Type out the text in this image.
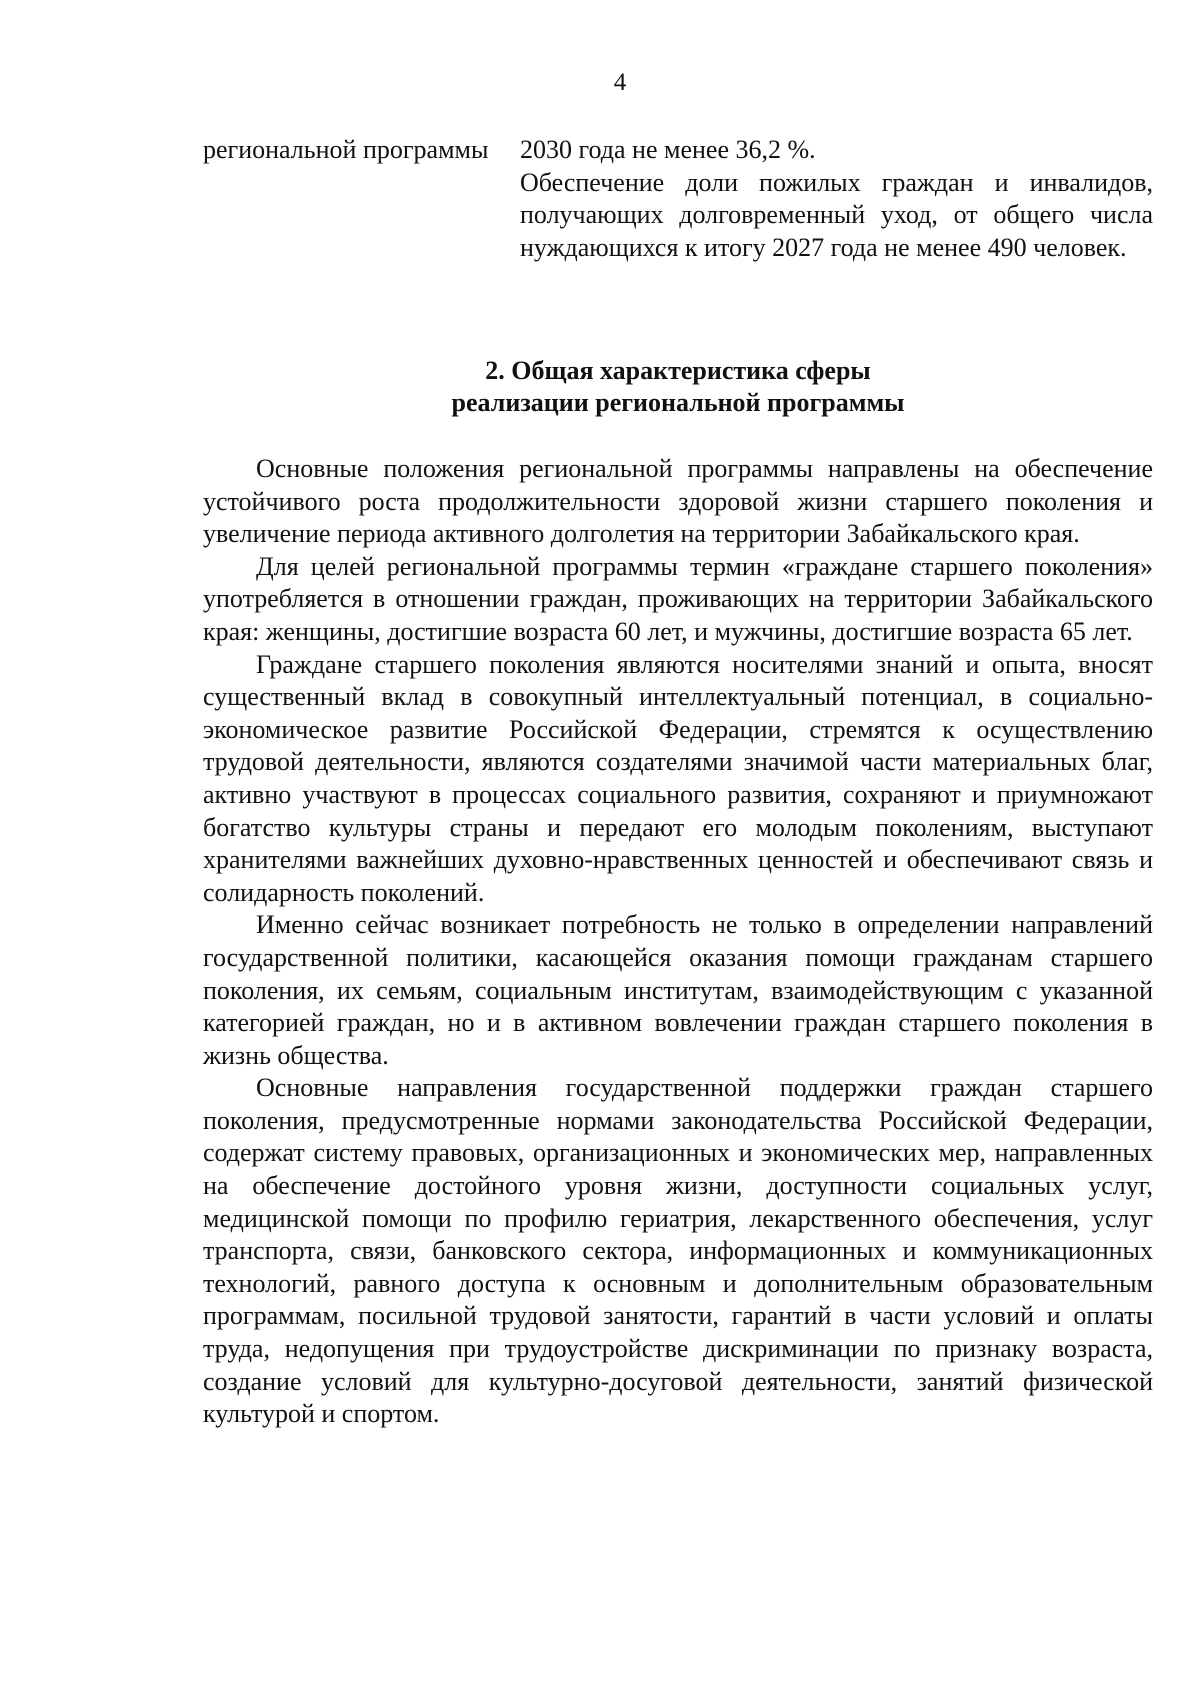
4
региональной программы	2030 года не менее 36,2 %.
Обеспечение доли пожилых граждан и инвалидов, получающих долговременный уход, от общего числа нуждающихся к итогу 2027 года не менее 490 человек.
2. Общая характеристика сферы
реализации региональной программы

Основные положения региональной программы направлены на обеспечение устойчивого роста продолжительности здоровой жизни старшего поколения и увеличение периода активного долголетия на территории Забайкальского края.

Для целей региональной программы термин «граждане старшего поколения» употребляется в отношении граждан, проживающих на территории Забайкальского края: женщины, достигшие возраста 60 лет, и мужчины, достигшие возраста 65 лет.

Граждане старшего поколения являются носителями знаний и опыта, вносят существенный вклад в совокупный интеллектуальный потенциал, в социально-экономическое развитие Российской Федерации, стремятся к осуществлению трудовой деятельности, являются создателями значимой части материальных благ, активно участвуют в процессах социального развития, сохраняют и приумножают богатство культуры страны и передают его молодым поколениям, выступают хранителями важнейших духовно-нравственных ценностей и обеспечивают связь и солидарность поколений.

Именно сейчас возникает потребность не только в определении направлений государственной политики, касающейся оказания помощи гражданам старшего поколения, их семьям, социальным институтам, взаимодействующим с указанной категорией граждан, но и в активном вовлечении граждан старшего поколения в жизнь общества.

Основные направления государственной поддержки граждан старшего поколения, предусмотренные нормами законодательства Российской Федерации, содержат систему правовых, организационных и экономических мер, направленных на обеспечение достойного уровня жизни, доступности социальных услуг, медицинской помощи по профилю гериатрия, лекарственного обеспечения, услуг транспорта, связи, банковского сектора, информационных и коммуникационных технологий, равного доступа к основным и дополнительным образовательным программам, посильной трудовой занятости, гарантий в части условий и оплаты труда, недопущения при трудоустройстве дискриминации по признаку возраста, создание условий для культурно-досуговой деятельности, занятий физической культурой и спортом.
